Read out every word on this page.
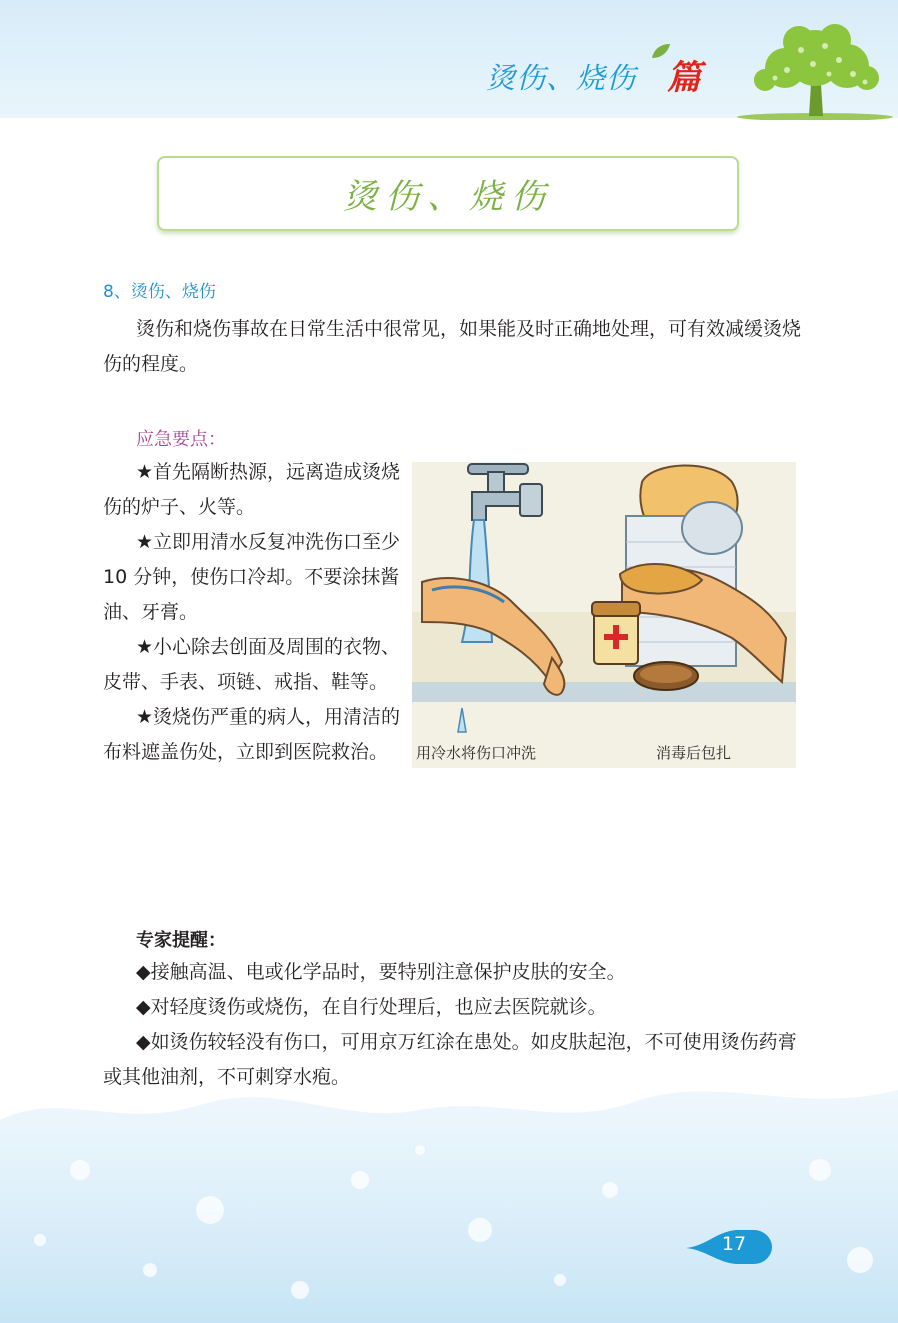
烫伤、烧伤 篇
烫伤、烧伤
8、烫伤、烧伤
烫伤和烧伤事故在日常生活中很常见，如果能及时正确地处理，可有效减缓烫烧伤的程度。
应急要点：

★首先隔断热源，远离造成烫烧伤的炉子、火等。

★立即用清水反复冲洗伤口至少10 分钟，使伤口冷却。不要涂抹酱油、牙膏。

★小心除去创面及周围的衣物、皮带、手表、项链、戒指、鞋等。

★烫烧伤严重的病人，用清洁的布料遮盖伤处，立即到医院救治。	用冷水将伤口冲洗	消毒后包扎
专家提醒：

◆接触高温、电或化学品时，要特别注意保护皮肤的安全。

◆对轻度烫伤或烧伤，在自行处理后，也应去医院就诊。

◆如烫伤较轻没有伤口，可用京万红涂在患处。如皮肤起泡，不可使用烫伤药膏或其他油剂，不可刺穿水疱。

17
